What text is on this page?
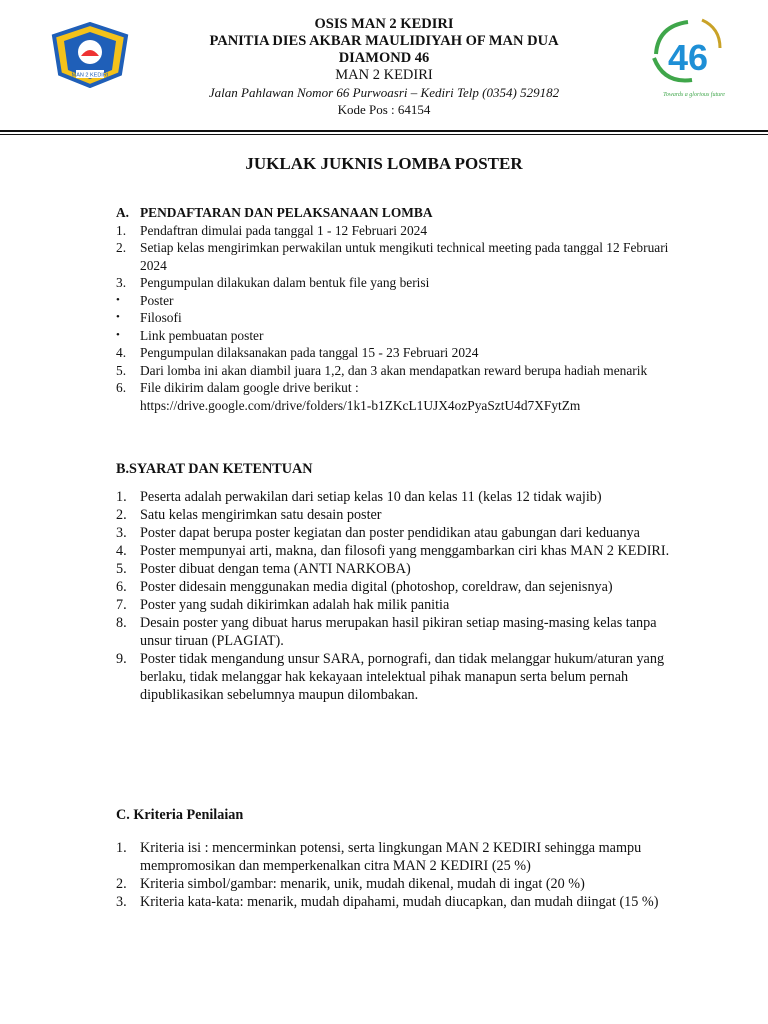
MAN 2 KEDIRI
OSIS MAN 2 KEDIRI
PANITIA DIES AKBAR MAULIDIYAH OF MAN DUA
DIAMOND 46
MAN 2 KEDIRI
Jalan Pahlawan Nomor 66 Purwoasri – Kediri Telp (0354) 529182
Kode Pos : 64154
46
Towards a glorious future
JUKLAK JUKNIS LOMBA POSTER
A. PENDAFTARAN DAN PELAKSANAAN LOMBA
1.	Pendaftran dimulai pada tanggal 1 - 12 Februari 2024
2.	Setiap kelas mengirimkan perwakilan untuk mengikuti technical meeting pada tanggal 12 Februari 2024
3.	Pengumpulan dilakukan dalam bentuk file yang berisi
•	Poster
•	Filosofi
•	Link pembuatan poster
4.	Pengumpulan dilaksanakan pada tanggal 15 - 23 Februari 2024
5.	Dari lomba ini akan diambil juara 1,2, dan 3 akan mendapatkan reward berupa hadiah menarik
6.	File dikirim dalam google drive berikut :
https://drive.google.com/drive/folders/1k1-b1ZKcL1UJX4ozPyaSztU4d7XFytZm
B.SYARAT DAN KETENTUAN
1. Peserta adalah perwakilan dari setiap kelas 10 dan kelas 11 (kelas 12 tidak wajib)
2. Satu kelas mengirimkan satu desain poster
3. Poster dapat berupa poster kegiatan dan poster pendidikan atau gabungan dari keduanya
4. Poster mempunyai arti, makna, dan filosofi yang menggambarkan ciri khas MAN 2 KEDIRI.
5. Poster dibuat dengan tema (ANTI NARKOBA)
6. Poster didesain menggunakan media digital (photoshop, coreldraw, dan sejenisnya)
7. Poster yang sudah dikirimkan adalah hak milik panitia
8. Desain poster yang dibuat harus merupakan hasil pikiran setiap masing-masing kelas tanpa unsur tiruan (PLAGIAT).
9. Poster tidak mengandung unsur SARA, pornografi, dan tidak melanggar hukum/aturan yang berlaku, tidak melanggar hak kekayaan intelektual pihak manapun serta belum pernah dipublikasikan sebelumnya maupun dilombakan.
C. Kriteria Penilaian
1. Kriteria isi : mencerminkan potensi, serta lingkungan MAN 2 KEDIRI sehingga mampu mempromosikan dan memperkenalkan citra MAN 2 KEDIRI (25 %)
2. Kriteria simbol/gambar: menarik, unik, mudah dikenal, mudah di ingat (20 %)
3. Kriteria kata-kata: menarik, mudah dipahami, mudah diucapkan, dan mudah diingat (15 %)
